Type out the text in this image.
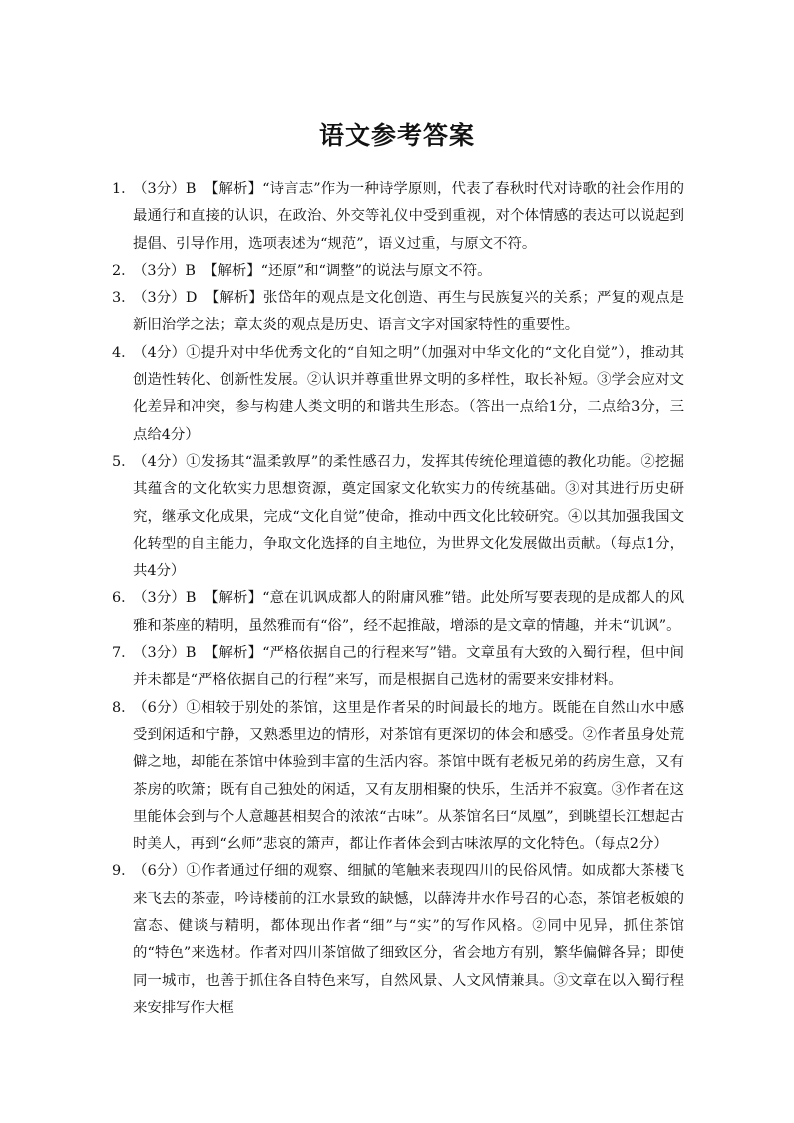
语文参考答案
1．
（3分）B　【解析】“诗言志”作为一种诗学原则，代表了春秋时代对诗歌的社会作用的最通行和直接的认识，在政治、外交等礼仪中受到重视，对个体情感的表达可以说起到提倡、引导作用，选项表述为“规范”，语义过重，与原文不符。
2．
（3分）B　【解析】“还原”和“调整”的说法与原文不符。
3．
（3分）D　【解析】张岱年的观点是文化创造、再生与民族复兴的关系；严复的观点是新旧治学之法；章太炎的观点是历史、语言文字对国家特性的重要性。
4．
（4分）①提升对中华优秀文化的“自知之明”（加强对中华文化的“文化自觉”），推动其创造性转化、创新性发展。②认识并尊重世界文明的多样性，取长补短。③学会应对文化差异和冲突，参与构建人类文明的和谐共生形态。（答出一点给1分，二点给3分，三点给4分）
5．
（4分）①发扬其“温柔敦厚”的柔性感召力，发挥其传统伦理道德的教化功能。②挖掘其蕴含的文化软实力思想资源，奠定国家文化软实力的传统基础。③对其进行历史研究，继承文化成果，完成“文化自觉”使命，推动中西文化比较研究。④以其加强我国文化转型的自主能力，争取文化选择的自主地位，为世界文化发展做出贡献。（每点1分，共4分）
6．
（3分）B　【解析】“意在讥讽成都人的附庸风雅”错。此处所写要表现的是成都人的风雅和茶座的精明，虽然雅而有“俗”，经不起推敲，增添的是文章的情趣，并未“讥讽”。
7．
（3分）B　【解析】“严格依据自己的行程来写”错。文章虽有大致的入蜀行程，但中间并未都是“严格依据自己的行程”来写，而是根据自己选材的需要来安排材料。
8．
（6分）①相较于别处的茶馆，这里是作者呆的时间最长的地方。既能在自然山水中感受到闲适和宁静，又熟悉里边的情形，对茶馆有更深切的体会和感受。②作者虽身处荒僻之地，却能在茶馆中体验到丰富的生活内容。茶馆中既有老板兄弟的药房生意，又有茶房的吹箫；既有自己独处的闲适，又有友朋相聚的快乐，生活并不寂寞。③作者在这里能体会到与个人意趣甚相契合的浓浓“古味”。从茶馆名曰“凤凰”，到眺望长江想起古时美人，再到“幺师”悲哀的箫声，都让作者体会到古味浓厚的文化特色。（每点2分）
9．
（6分）①作者通过仔细的观察、细腻的笔触来表现四川的民俗风情。如成都大茶楼飞来飞去的茶壶，吟诗楼前的江水景致的缺憾，以薛涛井水作号召的心态，茶馆老板娘的富态、健谈与精明，都体现出作者“细”与“实”的写作风格。②同中见异，抓住茶馆的“特色”来选材。作者对四川茶馆做了细致区分，省会地方有别，繁华偏僻各异；即使同一城市，也善于抓住各自特色来写，自然风景、人文风情兼具。③文章在以入蜀行程来安排写作大框
